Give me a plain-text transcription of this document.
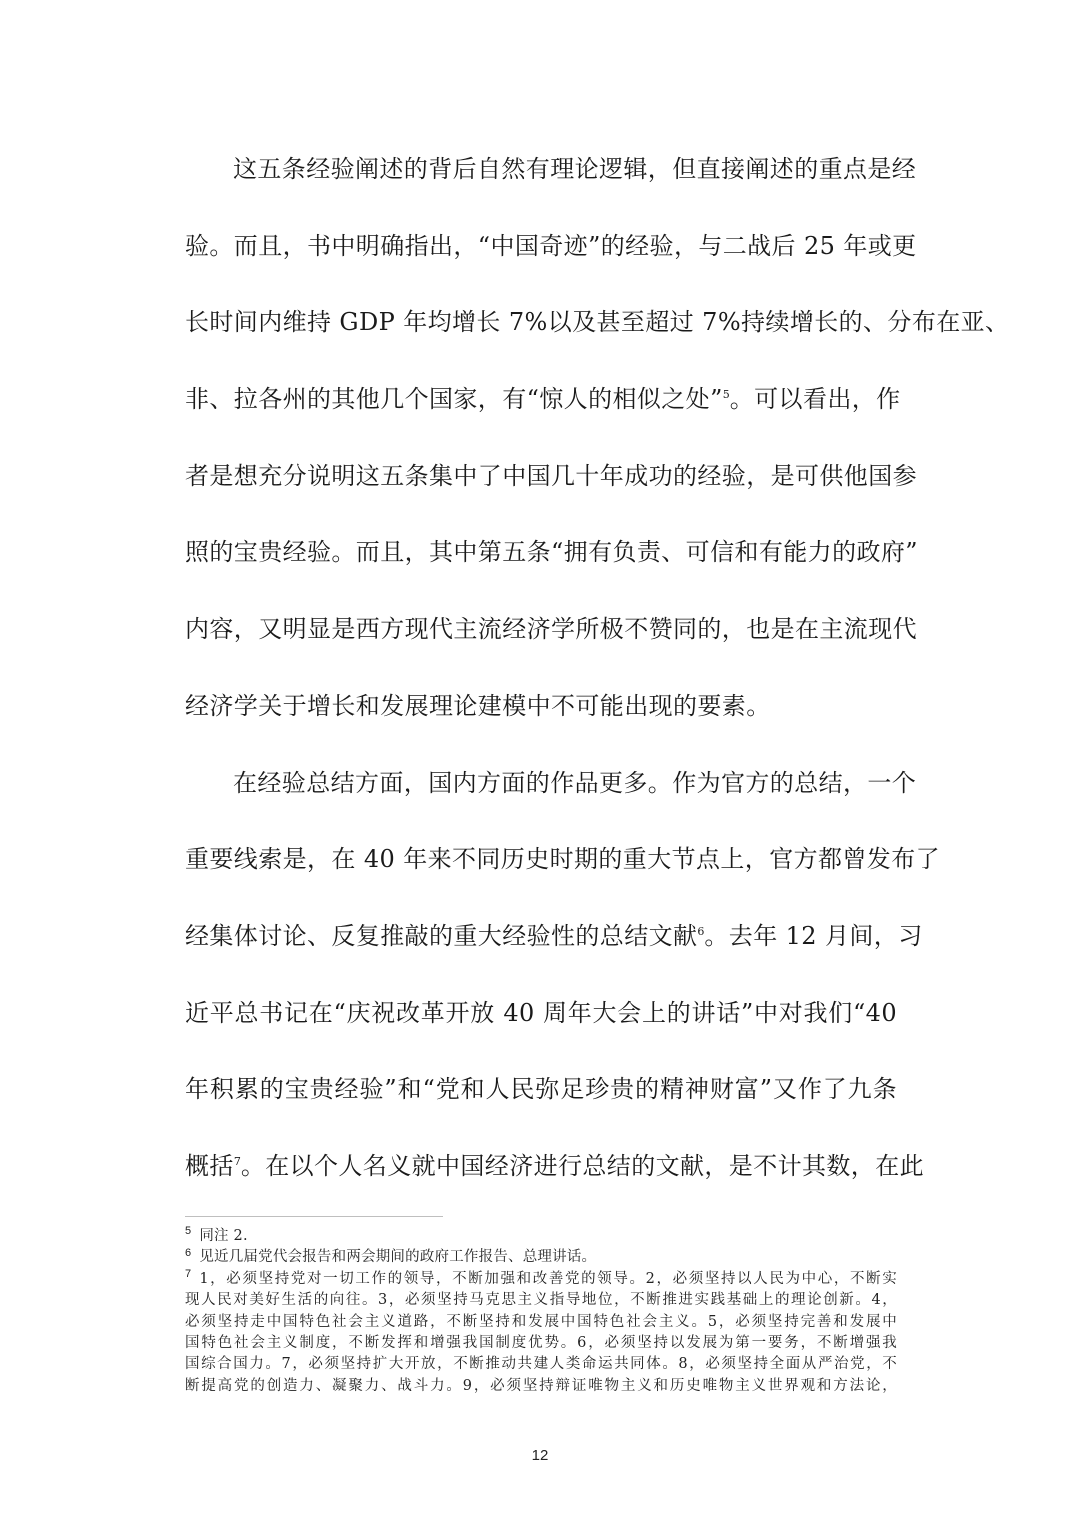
这五条经验阐述的背后自然有理论逻辑，但直接阐述的重点是经
验。而且，书中明确指出，“中国奇迹”的经验，与二战后 25 年或更
长时间内维持 GDP 年均增长 7%以及甚至超过 7%持续增长的、分布在亚、
非、拉各州的其他几个国家，有“惊人的相似之处”$^5$。可以看出，作
者是想充分说明这五条集中了中国几十年成功的经验，是可供他国参
照的宝贵经验。而且，其中第五条“拥有负责、可信和有能力的政府”
内容，又明显是西方现代主流经济学所极不赞同的，也是在主流现代
经济学关于增长和发展理论建模中不可能出现的要素。
在经验总结方面，国内方面的作品更多。作为官方的总结，一个
重要线索是，在 40 年来不同历史时期的重大节点上，官方都曾发布了
经集体讨论、反复推敲的重大经验性的总结文献$^6$。去年 12 月间，习
近平总书记在“庆祝改革开放 40 周年大会上的讲话”中对我们“40
年积累的宝贵经验”和“党和人民弥足珍贵的精神财富”又作了九条
概括$^7$。在以个人名义就中国经济进行总结的文献，是不计其数，在此
$^5$ 同注 2.
$^6$ 见近几届党代会报告和两会期间的政府工作报告、总理讲话。
$^7$ 1，必须坚持党对一切工作的领导，不断加强和改善党的领导。2，必须坚持以人民为中心，不断实
现人民对美好生活的向往。3，必须坚持马克思主义指导地位，不断推进实践基础上的理论创新。4，
必须坚持走中国特色社会主义道路，不断坚持和发展中国特色社会主义。5，必须坚持完善和发展中
国特色社会主义制度，不断发挥和增强我国制度优势。6，必须坚持以发展为第一要务，不断增强我
国综合国力。7，必须坚持扩大开放，不断推动共建人类命运共同体。8，必须坚持全面从严治党，不
断提高党的创造力、凝聚力、战斗力。9，必须坚持辩证唯物主义和历史唯物主义世界观和方法论，
12
